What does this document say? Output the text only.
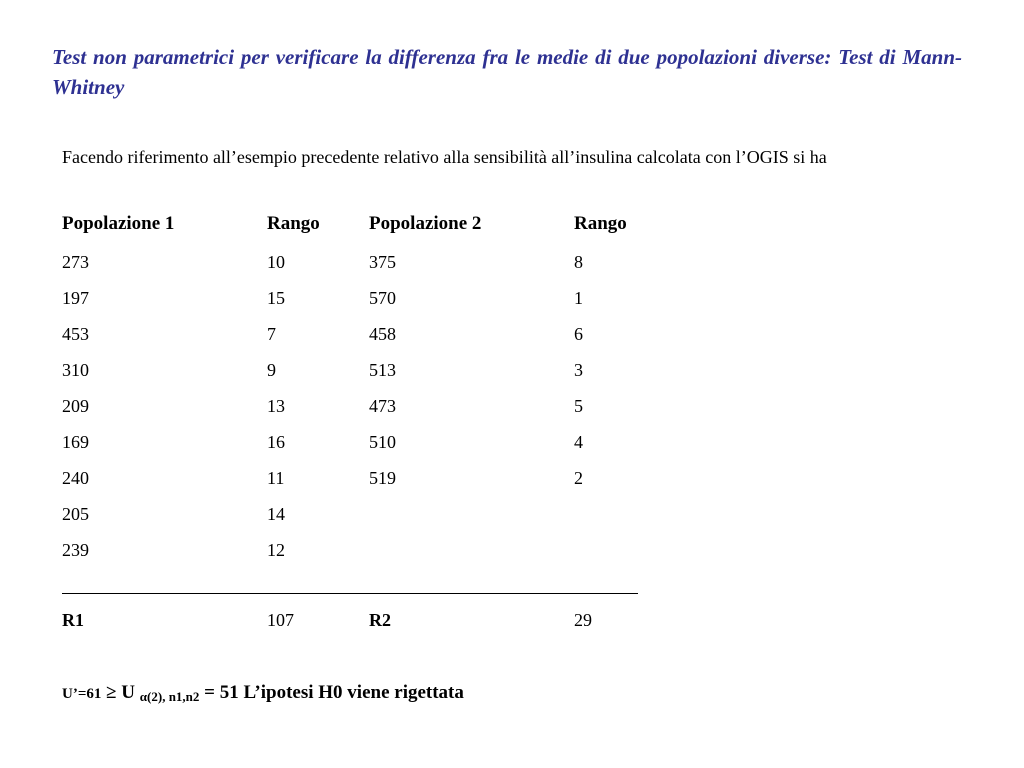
Test non parametrici per verificare la differenza fra le medie di due popolazioni diverse: Test di Mann-Whitney
Facendo riferimento all’esempio precedente relativo alla sensibilità all’insulina calcolata con l’OGIS si ha
Popolazione 1	Rango	Popolazione 2	Rango
273	10	375	8
197	15	570	1
453	7	458	6
310	9	513	3
209	13	473	5
169	16	510	4
240	11	519	2
205	14
239	12
R1	107	R2	29
U’=61 ≥ U $_{\alpha(2), n1,n2}$ = 51 L’ipotesi H0 viene rigettata
